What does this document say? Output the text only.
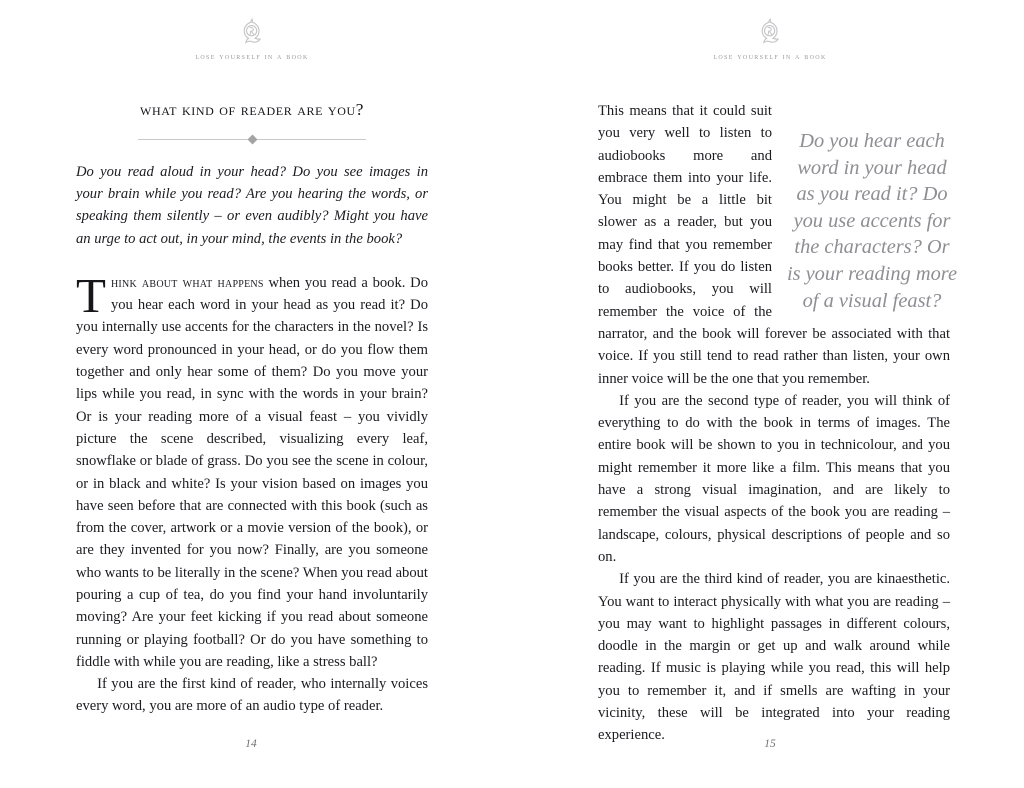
lose yourself in a book
what kind of reader are you?

Do you read aloud in your head? Do you see images in your brain while you read? Are you hearing the words, or speaking them silently – or even audibly? Might you have an urge to act out, in your mind, the events in the book?

Think about what happens when you read a book. Do you hear each word in your head as you read it? Do you internally use accents for the characters in the novel? Is every word pronounced in your head, or do you flow them together and only hear some of them? Do you move your lips while you read, in sync with the words in your brain? Or is your reading more of a visual feast – you vividly picture the scene described, visualizing every leaf, snowflake or blade of grass. Do you see the scene in colour, or in black and white? Is your vision based on images you have seen before that are connected with this book (such as from the cover, artwork or a movie version of the book), or are they invented for you now? Finally, are you someone who wants to be literally in the scene? When you read about pouring a cup of tea, do you find your hand involuntarily moving? Are your feet kicking if you read about someone running or playing football? Or do you have something to fiddle with while you are reading, like a stress ball?

If you are the first kind of reader, who internally voices every word, you are more of an audio type of reader.

14
lose yourself in a book

Do you hear each word in your head as you read it? Do you use accents for the characters? Or is your reading more of a visual feast?

This means that it could suit you very well to listen to audiobooks more and embrace them into your life. You might be a little bit slower as a reader, but you may find that you remember books better. If you do listen to audiobooks, you will remember the voice of the narrator, and the book will forever be associated with that voice. If you still tend to read rather than listen, your own inner voice will be the one that you remember.

If you are the second type of reader, you will think of everything to do with the book in terms of images. The entire book will be shown to you in technicolour, and you might remember it more like a film. This means that you have a strong visual imagination, and are likely to remember the visual aspects of the book you are reading – landscape, colours, physical descriptions of people and so on.

If you are the third kind of reader, you are kinaesthetic. You want to interact physically with what you are reading – you may want to highlight passages in different colours, doodle in the margin or get up and walk around while reading. If music is playing while you read, this will help you to remember it, and if smells are wafting in your vicinity, these will be integrated into your reading experience.

15
